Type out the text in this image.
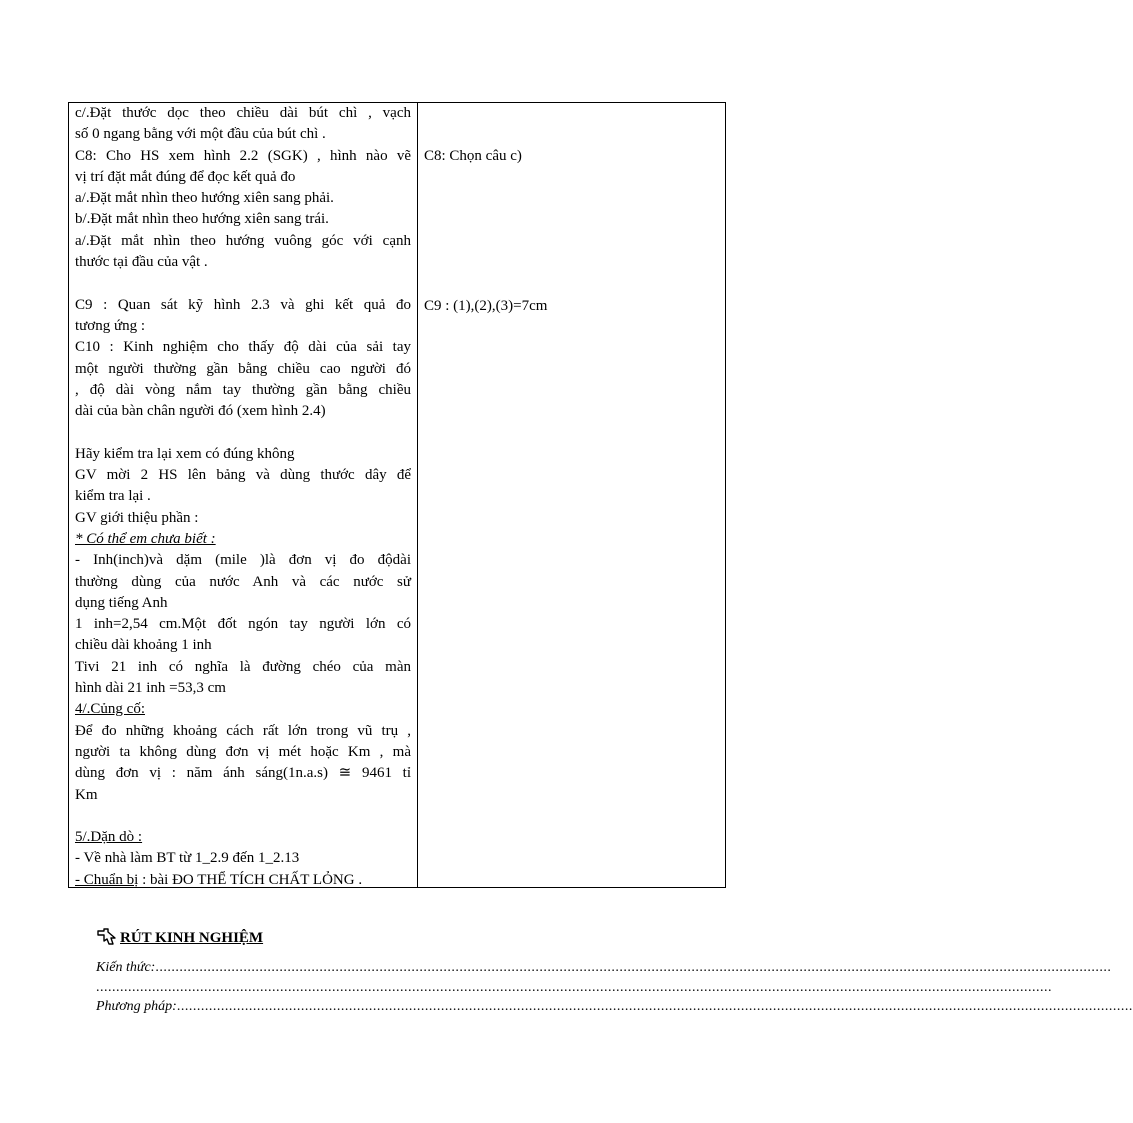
c/.Đặt thước dọc theo chiều dài bút chì , vạch
số 0 ngang bằng với một đầu của bút chì .
C8: Cho HS xem hình 2.2 (SGK) , hình nào vẽ
vị trí đặt mắt đúng để đọc kết quả đo
a/.Đặt mắt nhìn theo hướng xiên sang phải.
b/.Đặt mắt nhìn theo hướng xiên sang trái.
a/.Đặt mắt nhìn theo hướng vuông góc với cạnh
thước tại đầu của vật .
C9 : Quan sát kỹ hình 2.3 và ghi kết quả đo
tương ứng :
C10 : Kinh nghiệm cho thấy độ dài của sải tay
một người thường gần bằng chiều cao người đó
, độ dài vòng nắm tay thường gần bằng chiều
dài của bàn chân người đó (xem hình 2.4)
Hãy kiểm tra lại xem có đúng không
GV mời 2 HS lên bảng và dùng thước dây để
kiểm tra lại .
GV giới thiệu phần :
* Có thể em chưa biết :
- Inh(inch)và dặm (mile )là đơn vị đo độdài
thường dùng của nước Anh và các nước sử
dụng tiếng Anh
1 inh=2,54 cm.Một đốt ngón tay người lớn có
chiều dài khoảng 1 inh
Tivi 21 inh có nghĩa là đường chéo của màn
hình dài 21 inh =53,3 cm
4/.Củng cố:
Để đo những khoảng cách rất lớn trong vũ trụ ,
người ta không dùng đơn vị mét hoặc Km , mà
dùng đơn vị : năm ánh sáng(1n.a.s) ≅ 9461 tỉ
Km
5/.Dặn dò :
- Về nhà làm BT từ 1_2.9 đến 1_2.13
- Chuẩn bị : bài ĐO THỂ TÍCH CHẤT LỎNG .
C8: Chọn câu c)
C9 : (1),(2),(3)=7cm
RÚT KINH NGHIỆM
Kiến thức: ...............................................................................................................................................................................................................................................
...............................................................................................................................................................................................................................................
Phương pháp: ...............................................................................................................................................................................................................................................
